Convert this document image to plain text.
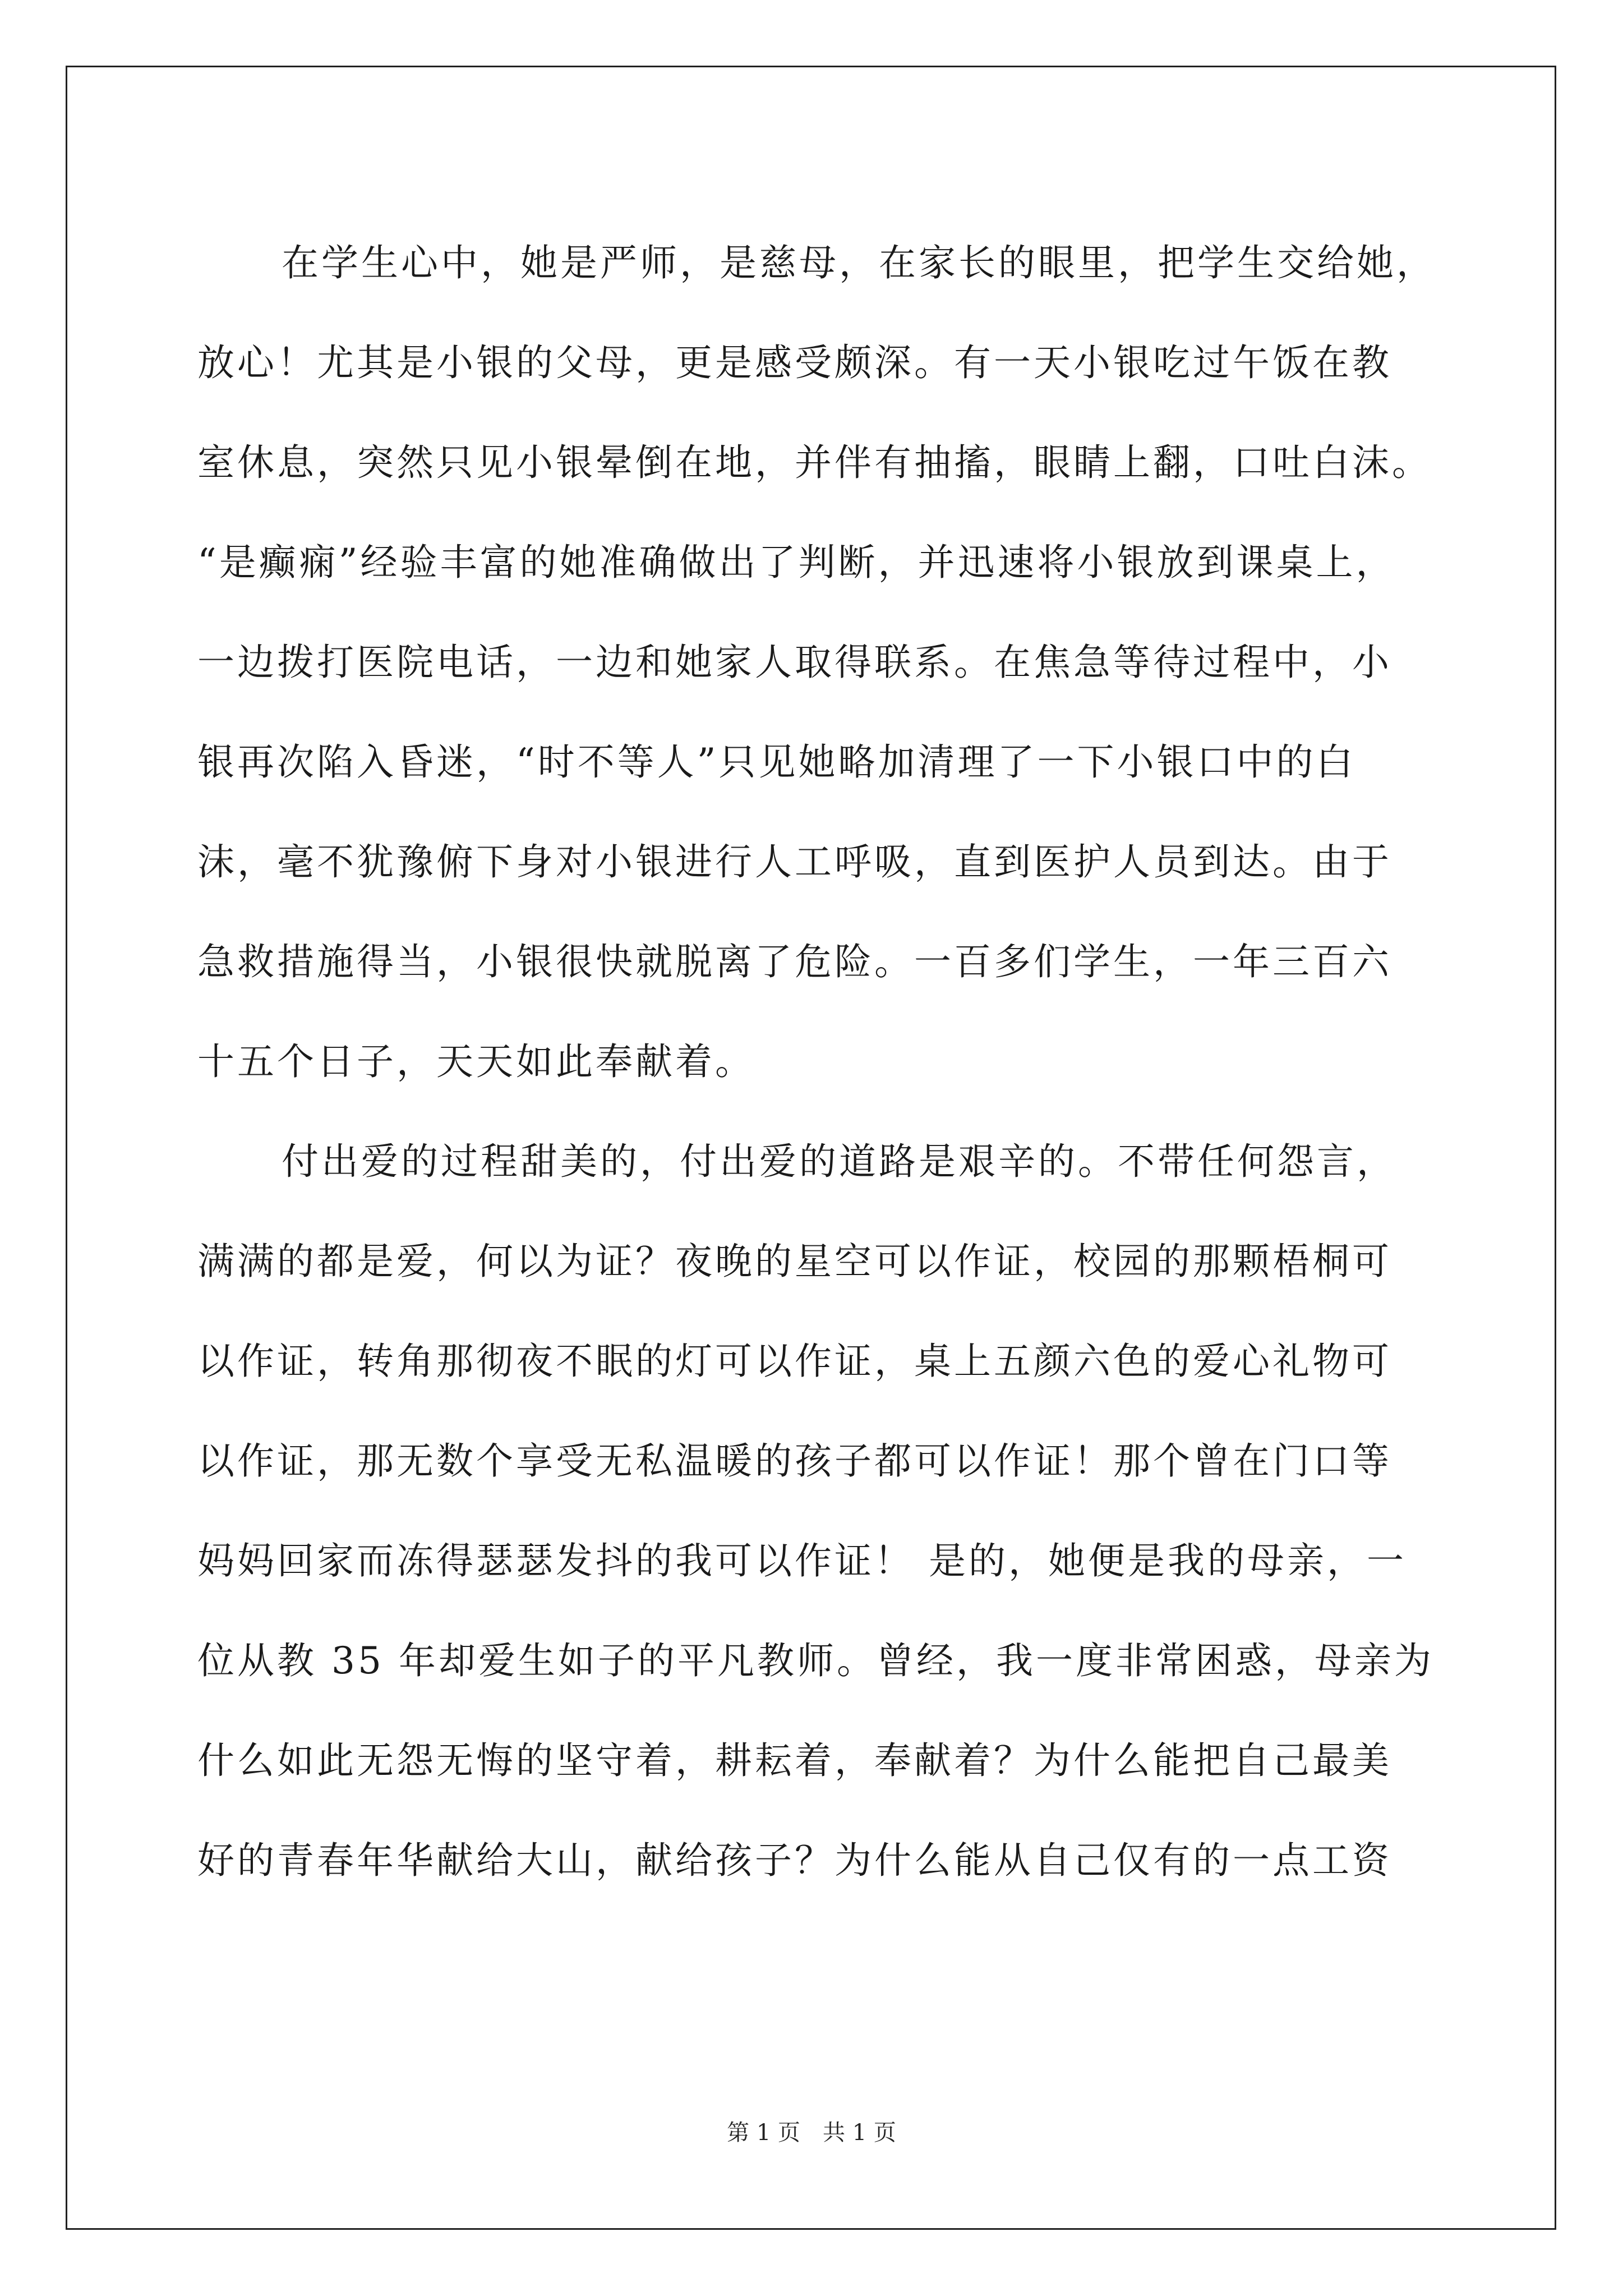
在学生心中，她是严师，是慈母，在家长的眼里，把学生交给她，
放心！尤其是小银的父母，更是感受颇深。有一天小银吃过午饭在教
室休息，突然只见小银晕倒在地，并伴有抽搐，眼睛上翻，口吐白沫。
“是癫痫”经验丰富的她准确做出了判断，并迅速将小银放到课桌上，
一边拨打医院电话，一边和她家人取得联系。在焦急等待过程中，小
银再次陷入昏迷，“时不等人”只见她略加清理了一下小银口中的白
沫，毫不犹豫俯下身对小银进行人工呼吸，直到医护人员到达。由于
急救措施得当，小银很快就脱离了危险。一百多们学生，一年三百六
十五个日子，天天如此奉献着。
付出爱的过程甜美的，付出爱的道路是艰辛的。不带任何怨言，
满满的都是爱，何以为证？夜晚的星空可以作证，校园的那颗梧桐可
以作证，转角那彻夜不眠的灯可以作证，桌上五颜六色的爱心礼物可
以作证，那无数个享受无私温暖的孩子都可以作证！那个曾在门口等
妈妈回家而冻得瑟瑟发抖的我可以作证！ 是的，她便是我的母亲，一
位从教 35 年却爱生如子的平凡教师。曾经，我一度非常困惑，母亲为
什么如此无怨无悔的坚守着，耕耘着，奉献着？为什么能把自己最美
好的青春年华献给大山，献给孩子？为什么能从自己仅有的一点工资
第 1 页　共 1 页
